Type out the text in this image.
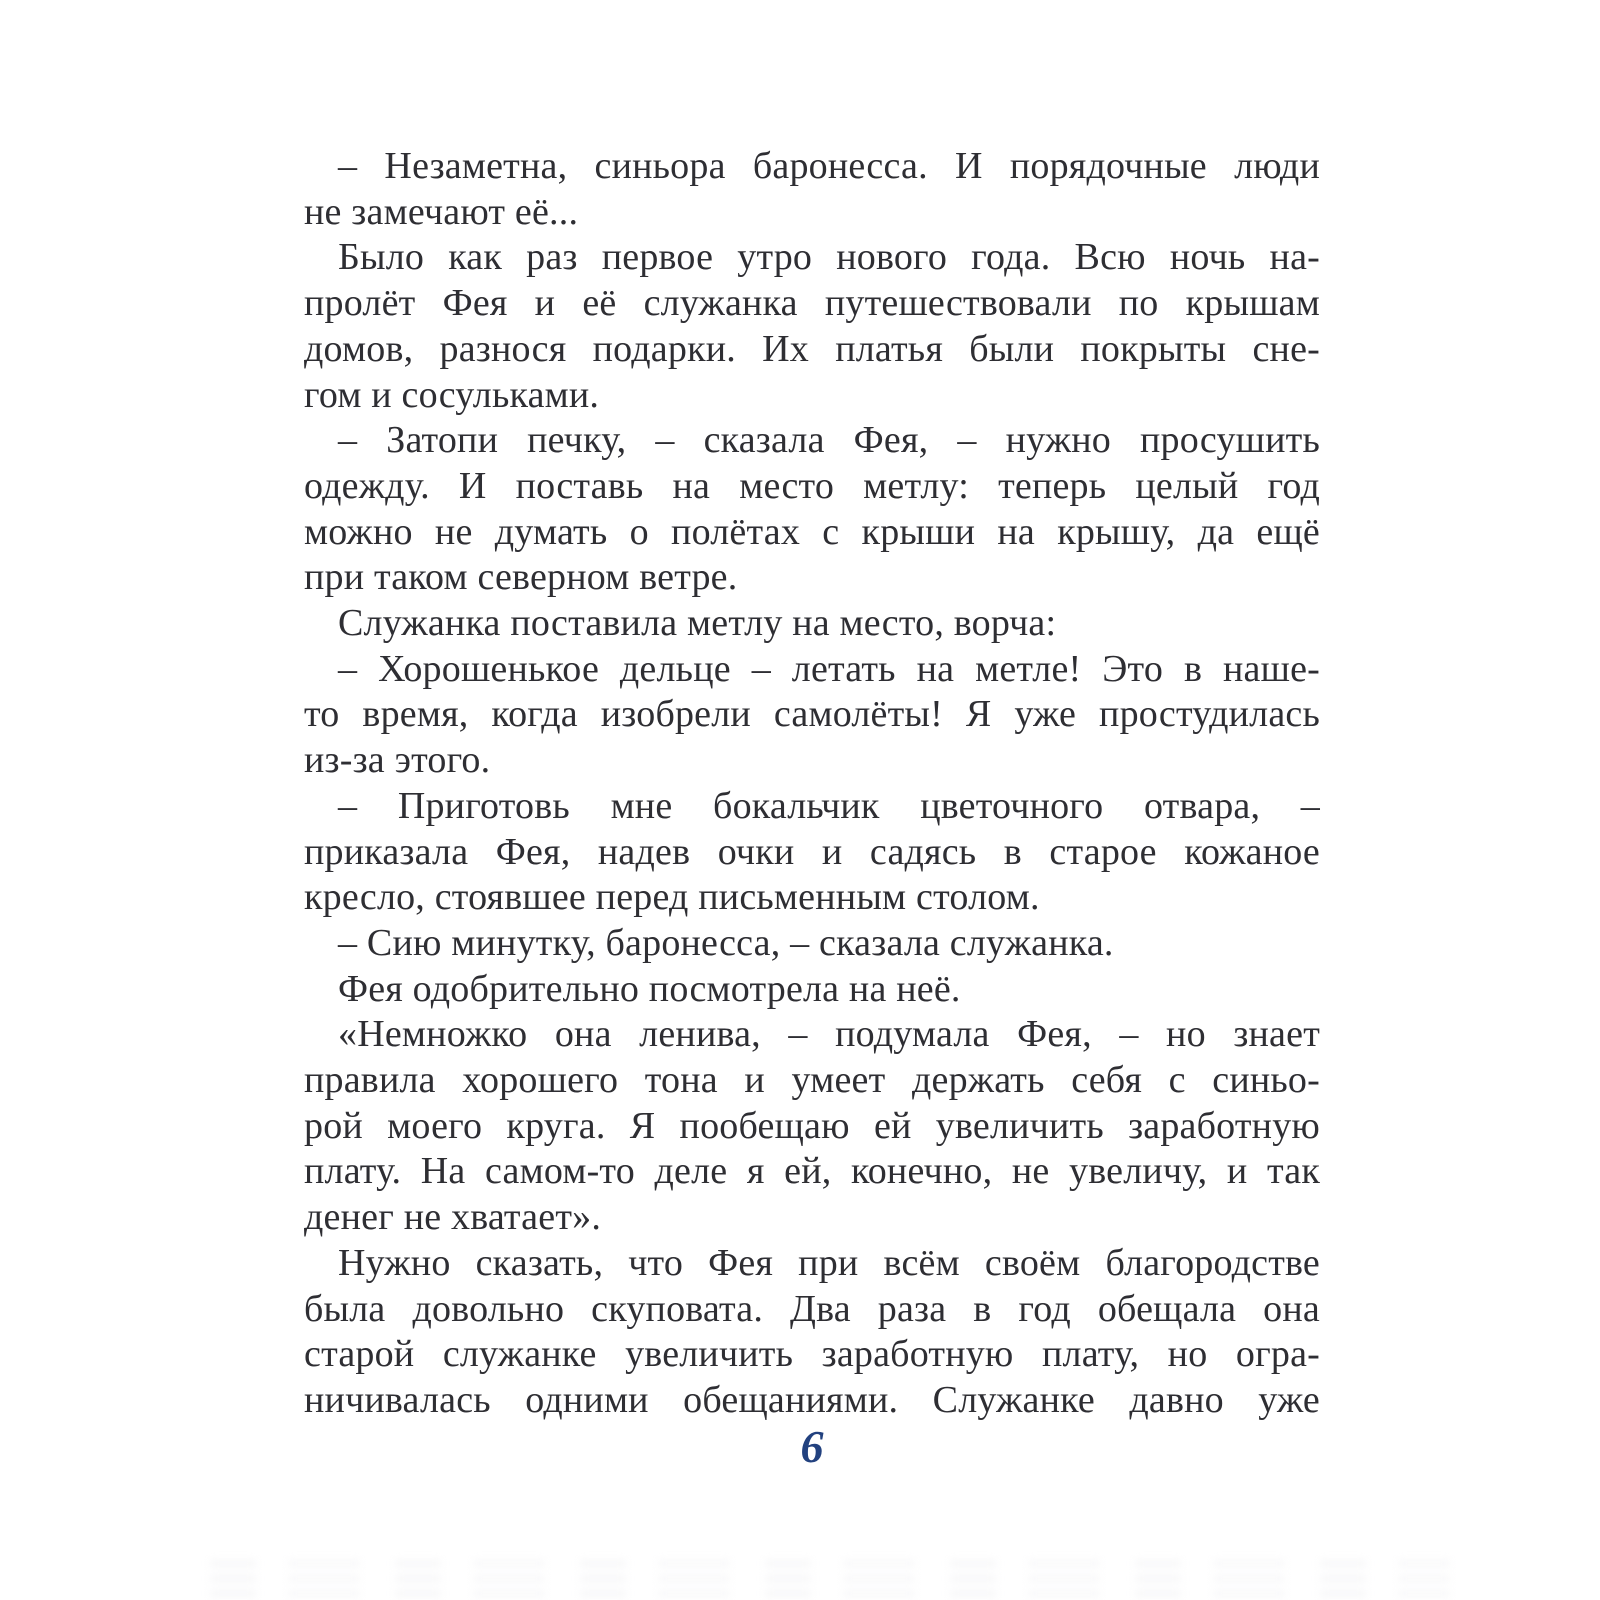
– Незаметна, синьора баронесса. И порядочные люди
не замечают её...
Было как раз первое утро нового года. Всю ночь на-
пролёт Фея и её служанка путешествовали по крышам
домов, разнося подарки. Их платья были покрыты сне-
гом и сосульками.
– Затопи печку, – сказала Фея, – нужно просушить
одежду. И поставь на место метлу: теперь целый год
можно не думать о полётах с крыши на крышу, да ещё
при таком северном ветре.
Служанка поставила метлу на место, ворча:
– Хорошенькое дельце – летать на метле! Это в наше-
то время, когда изобрели самолёты! Я уже простудилась
из-за этого.
– Приготовь мне бокальчик цветочного отвара, –
приказала Фея, надев очки и садясь в старое кожаное
кресло, стоявшее перед письменным столом.
– Сию минутку, баронесса, – сказала служанка.
Фея одобрительно посмотрела на неё.
«Немножко она ленива, – подумала Фея, – но знает
правила хорошего тона и умеет держать себя с синьо-
рой моего круга. Я пообещаю ей увеличить заработную
плату. На самом-то деле я ей, конечно, не увеличу, и так
денег не хватает».
Нужно сказать, что Фея при всём своём благородстве
была довольно скуповата. Два раза в год обещала она
старой служанке увеличить заработную плату, но огра-
ничивалась одними обещаниями. Служанке давно уже
6
